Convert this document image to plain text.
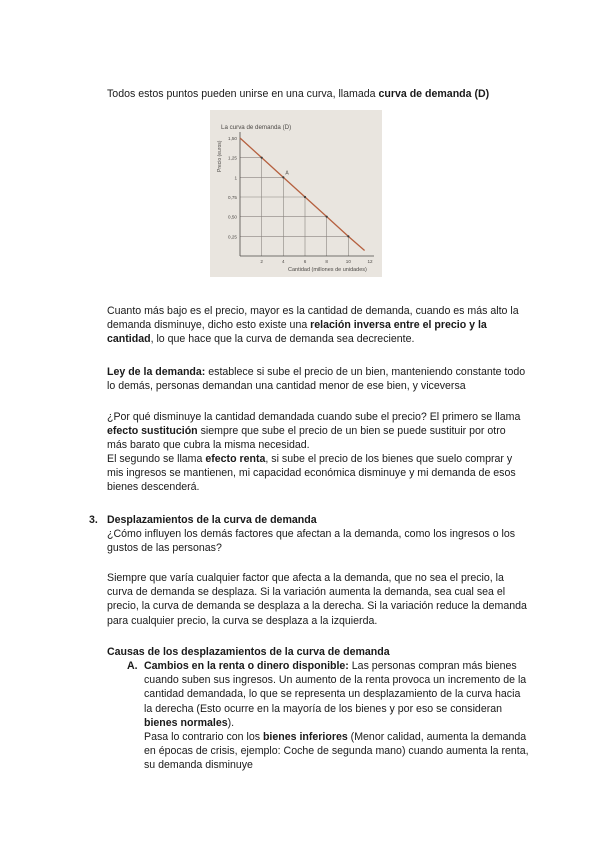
Todos estos puntos pueden unirse en una curva, llamada curva de demanda (D)
La curva de demanda (D)
Precio (euros)
Cantidad (millones de unidades)
1,50
1,25
1
0,75
0,50
0,25
2	4	6	8	10	12
A
Cuanto más bajo es el precio, mayor es la cantidad de demanda, cuando es más alto la demanda disminuye, dicho esto existe una relación inversa entre el precio y la cantidad, lo que hace que la curva de demanda sea decreciente.
Ley de la demanda: establece si sube el precio de un bien, manteniendo constante todo lo demás, personas demandan una cantidad menor de ese bien, y viceversa
¿Por qué disminuye la cantidad demandada cuando sube el precio? El primero se llama efecto sustitución siempre que sube el precio de un bien se puede sustituir por otro más barato que cubra la misma necesidad.
El segundo se llama efecto renta, si sube el precio de los bienes que suelo comprar y mis ingresos se mantienen, mi capacidad económica disminuye y mi demanda de esos bienes descenderá.
3. Desplazamientos de la curva de demanda
¿Cómo influyen los demás factores que afectan a la demanda, como los ingresos o los gustos de las personas?
Siempre que varía cualquier factor que afecta a la demanda, que no sea el precio, la curva de demanda se desplaza. Si la variación aumenta la demanda, sea cual sea el precio, la curva de demanda se desplaza a la derecha. Si la variación reduce la demanda para cualquier precio, la curva se desplaza a la izquierda.
Causas de los desplazamientos de la curva de demanda
A. Cambios en la renta o dinero disponible: Las personas compran más bienes cuando suben sus ingresos. Un aumento de la renta provoca un incremento de la cantidad demandada, lo que se representa un desplazamiento de la curva hacia la derecha (Esto ocurre en la mayoría de los bienes y por eso se consideran bienes normales).
Pasa lo contrario con los bienes inferiores (Menor calidad, aumenta la demanda en épocas de crisis, ejemplo: Coche de segunda mano) cuando aumenta la renta, su demanda disminuye
